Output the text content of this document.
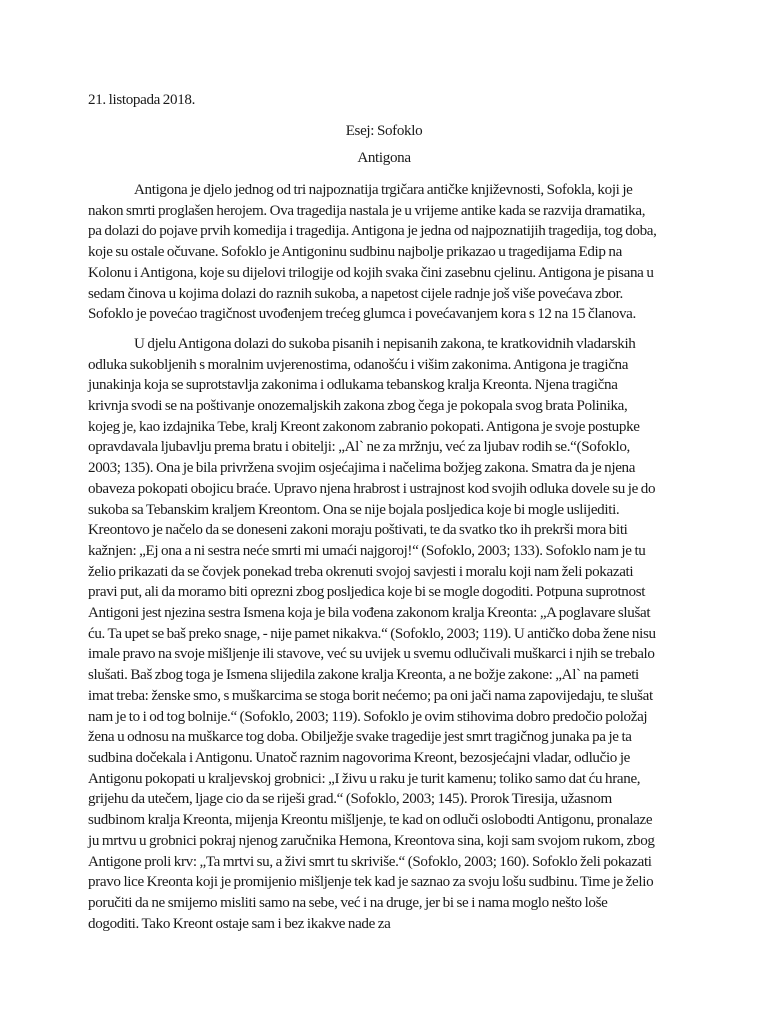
21. listopada 2018.

Esej: Sofoklo

Antigona

Antigona je djelo jednog od tri najpoznatija trgičara antičke književnosti, Sofokla, koji je nakon smrti proglašen herojem. Ova tragedija nastala je u vrijeme antike kada se razvija dramatika, pa dolazi do pojave prvih komedija i tragedija. Antigona je jedna od najpoznatijih tragedija, tog doba, koje su ostale očuvane. Sofoklo je Antigoninu sudbinu najbolje prikazao u tragedijama Edip na Kolonu i Antigona, koje su dijelovi trilogije od kojih svaka čini zasebnu cjelinu. Antigona je pisana u sedam činova u kojima dolazi do raznih sukoba, a napetost cijele radnje još više povećava zbor. Sofoklo je povećao tragičnost uvođenjem trećeg glumca i povećavanjem kora s 12 na 15 članova.

U djelu Antigona dolazi do sukoba pisanih i nepisanih zakona, te kratkovidnih vladarskih odluka sukobljenih s moralnim uvjerenostima, odanošću i višim zakonima. Antigona je tragična junakinja koja se suprotstavlja zakonima i odlukama tebanskog kralja Kreonta. Njena tragična krivnja svodi se na poštivanje onozemaljskih zakona zbog čega je pokopala svog brata Polinika, kojeg je, kao izdajnika Tebe, kralj Kreont zakonom zabranio pokopati. Antigona je svoje postupke opravdavala ljubavlju prema bratu i obitelji: „Al` ne za mržnju, već za ljubav rodih se.“(Sofoklo, 2003; 135). Ona je bila privržena svojim osjećajima i načelima božjeg zakona. Smatra da je njena obaveza pokopati obojicu braće. Upravo njena hrabrost i ustrajnost kod svojih odluka dovele su je do sukoba sa Tebanskim kraljem Kreontom. Ona se nije bojala posljedica koje bi mogle uslijediti. Kreontovo je načelo da se doneseni zakoni moraju poštivati, te da svatko tko ih prekrši mora biti kažnjen: „Ej ona a ni sestra neće smrti mi umaći najgoroj!“ (Sofoklo, 2003; 133). Sofoklo nam je tu želio prikazati da se čovjek ponekad treba okrenuti svojoj savjesti i moralu koji nam želi pokazati pravi put, ali da moramo biti oprezni zbog posljedica koje bi se mogle dogoditi. Potpuna suprotnost Antigoni jest njezina sestra Ismena koja je bila vođena zakonom kralja Kreonta: „A poglavare slušat ću. Ta upet se baš preko snage, - nije pamet nikakva.“ (Sofoklo, 2003; 119). U antičko doba žene nisu imale pravo na svoje mišljenje ili stavove, već su uvijek u svemu odlučivali muškarci i njih se trebalo slušati. Baš zbog toga je Ismena slijedila zakone kralja Kreonta, a ne božje zakone: „Al` na pameti imat treba: ženske smo, s muškarcima se stoga borit nećemo; pa oni jači nama zapovijedaju, te slušat nam je to i od tog bolnije.“ (Sofoklo, 2003; 119). Sofoklo je ovim stihovima dobro predočio položaj žena u odnosu na muškarce tog doba. Obilježje svake tragedije jest smrt tragičnog junaka pa je ta sudbina dočekala i Antigonu. Unatoč raznim nagovorima Kreont, bezosjećajni vladar, odlučio je Antigonu pokopati u kraljevskoj grobnici: „I živu u raku je turit kamenu; toliko samo dat ću hrane, grijehu da utečem, ljage cio da se riješi grad.“ (Sofoklo, 2003; 145). Prorok Tiresija, užasnom sudbinom kralja Kreonta, mijenja Kreontu mišljenje, te kad on odluči oslobodti Antigonu, pronalaze ju mrtvu u grobnici pokraj njenog zaručnika Hemona, Kreontova sina, koji sam svojom rukom, zbog Antigone proli krv: „Ta mrtvi su, a živi smrt tu skriviše.“ (Sofoklo, 2003; 160). Sofoklo želi pokazati pravo lice Kreonta koji je promijenio mišljenje tek kad je saznao za svoju lošu sudbinu. Time je želio poručiti da ne smijemo misliti samo na sebe, već i na druge, jer bi se i nama moglo nešto loše dogoditi. Tako Kreont ostaje sam i bez ikakve nade za
